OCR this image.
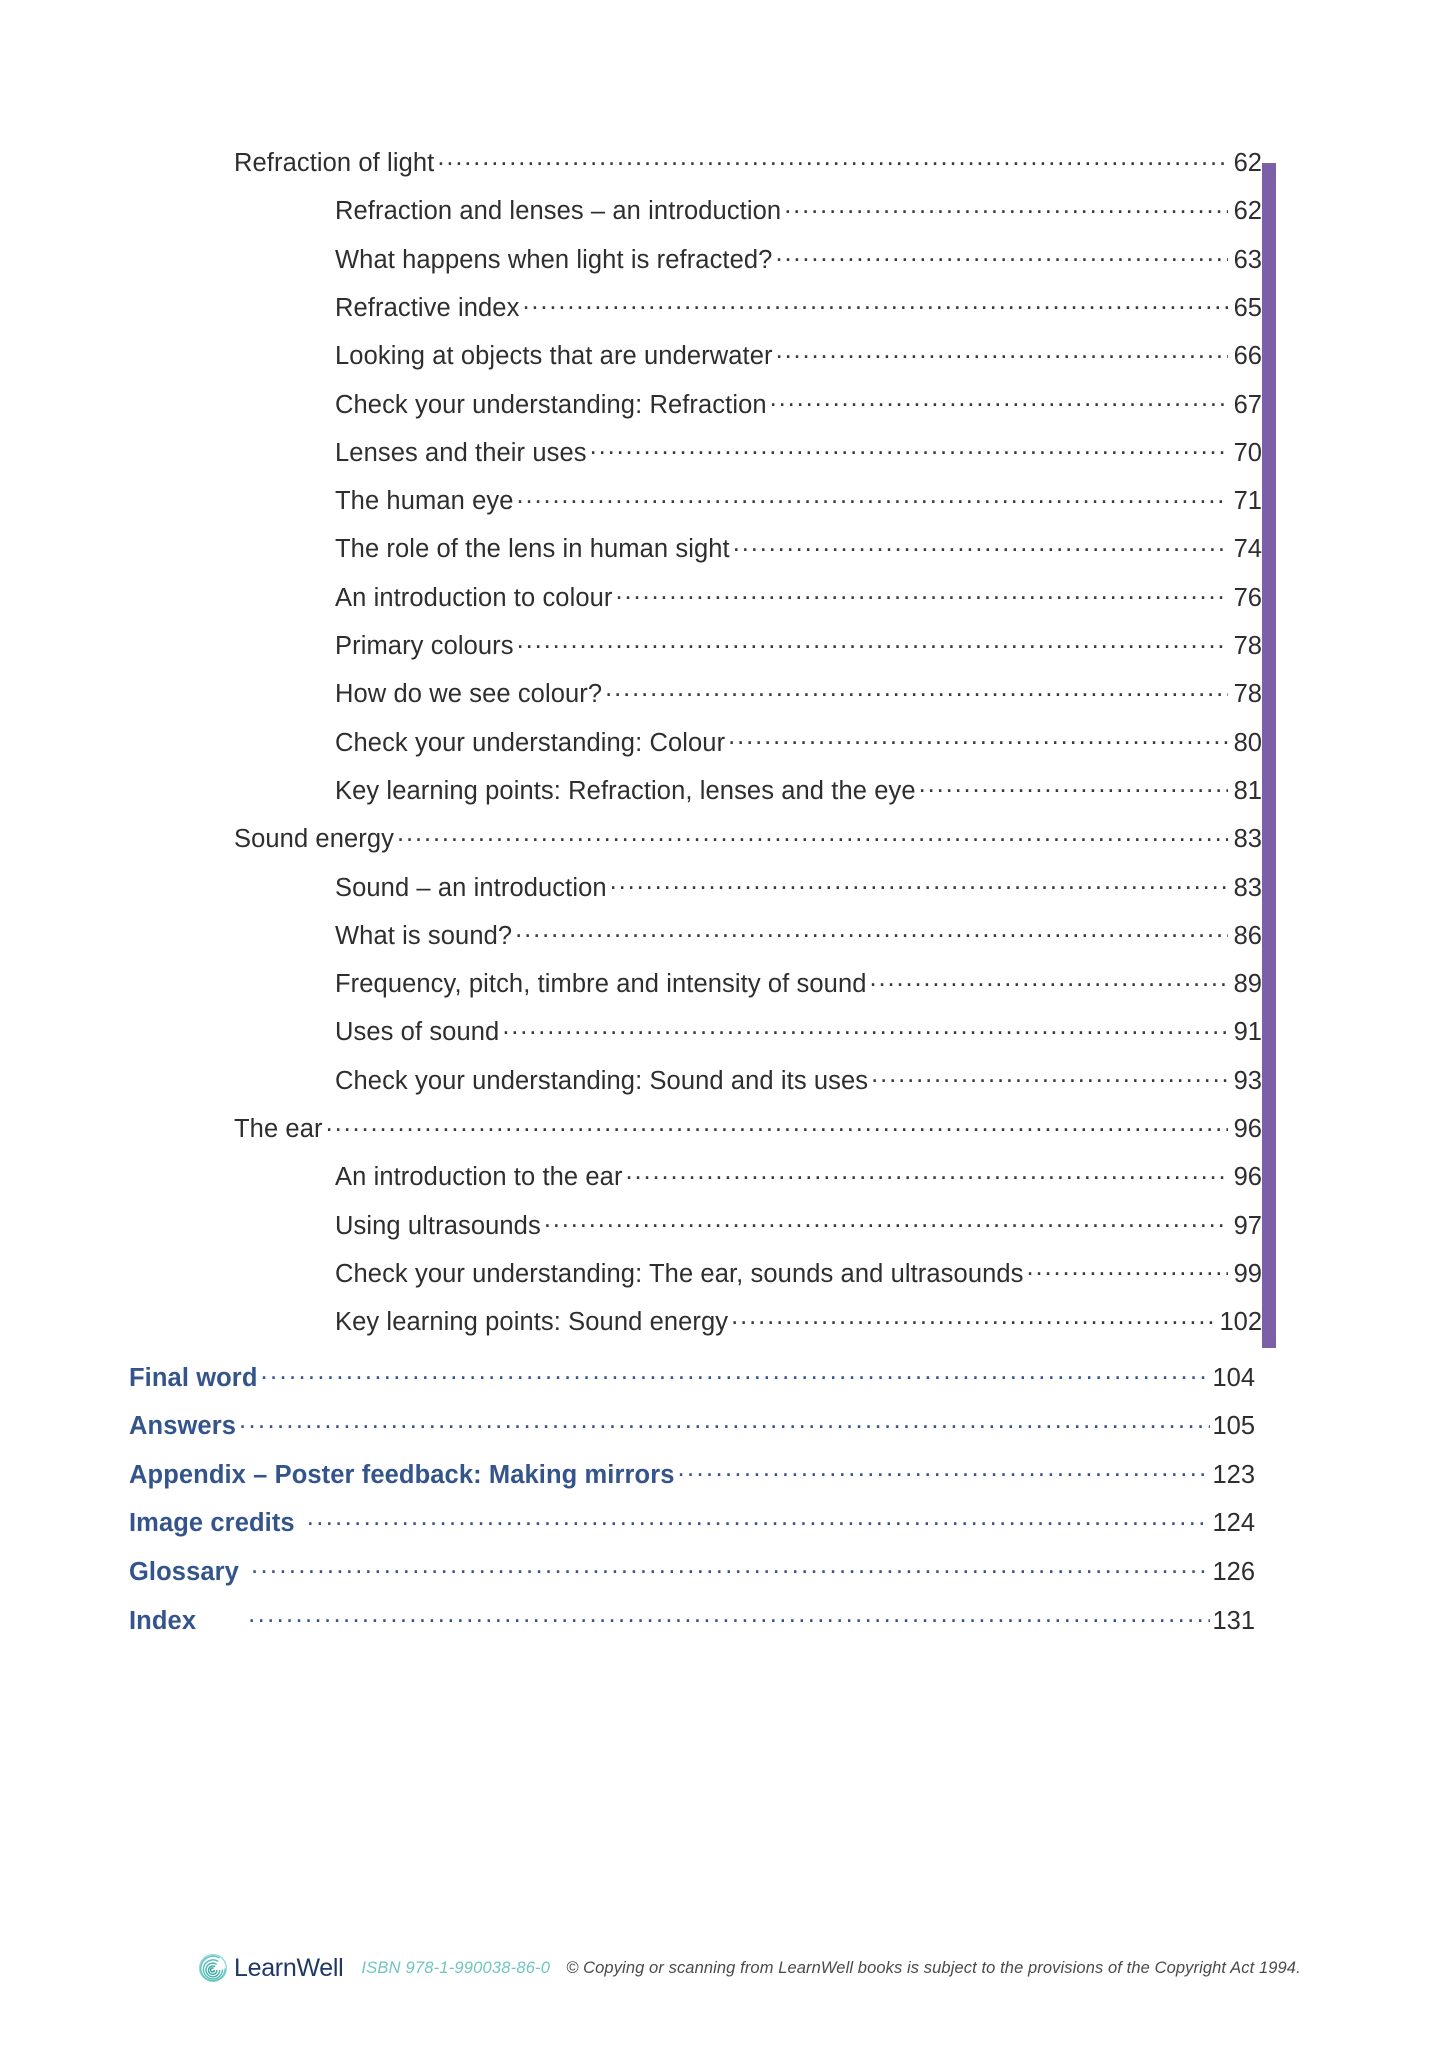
Refraction of light .....	62
Refraction and lenses – an introduction .....	62
What happens when light is refracted? .....	63
Refractive index .....	65
Looking at objects that are underwater .....	66
Check your understanding: Refraction .....	67
Lenses and their uses .....	70
The human eye .....	71
The role of the lens in human sight .....	74
An introduction to colour .....	76
Primary colours .....	78
How do we see colour? .....	78
Check your understanding: Colour .....	80
Key learning points: Refraction, lenses and the eye .....	81
Sound energy .....	83
Sound – an introduction .....	83
What is sound? .....	86
Frequency, pitch, timbre and intensity of sound .....	89
Uses of sound .....	91
Check your understanding: Sound and its uses .....	93
The ear .....	96
An introduction to the ear .....	96
Using ultrasounds .....	97
Check your understanding: The ear, sounds and ultrasounds .....	99
Key learning points: Sound energy .....	102
Final word .....	104
Answers .....	105
Appendix – Poster feedback: Making mirrors .....	123
Image credits .....	124
Glossary .....	126
Index .....	131
LearnWell ISBN 978-1-990038-86-0 © Copying or scanning from LearnWell books is subject to the provisions of the Copyright Act 1994.
